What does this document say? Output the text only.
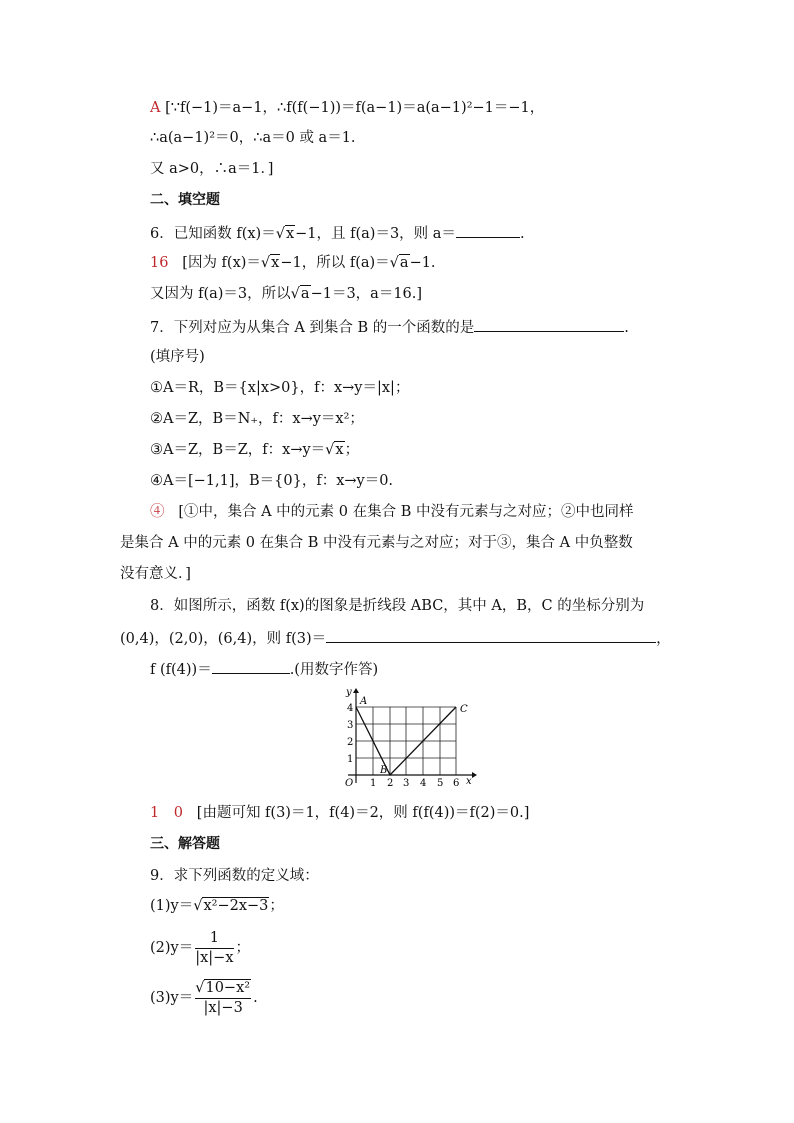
A [∵f(−1)＝a−1，∴f(f(−1))＝f(a−1)＝a(a−1)²−1＝−1，
∴a(a−1)²＝0，∴a＝0 或 a＝1.
又 a>0，∴a＝1．]
二、填空题
6．已知函数 f(x)＝√x−1，且 f(a)＝3，则 a＝	.
16 [因为 f(x)＝√x−1，所以 f(a)＝√a−1.
又因为 f(a)＝3，所以√a−1＝3，a＝16.]
7．下列对应为从集合 A 到集合 B 的一个函数的是	.
(填序号)
①A＝R，B＝{x|x>0}，f：x→y＝|x|；
②A＝Z，B＝N₊，f：x→y＝x²；
③A＝Z，B＝Z，f：x→y＝√x；
④A＝[−1,1]，B＝{0}，f：x→y＝0.
④ [①中，集合 A 中的元素 0 在集合 B 中没有元素与之对应；②中也同样
是集合 A 中的元素 0 在集合 B 中没有元素与之对应；对于③，集合 A 中负整数
没有意义．]
8．如图所示，函数 f(x)的图象是折线段 ABC，其中 A，B，C 的坐标分别为
(0,4)，(2,0)，(6,4)，则 f(3)＝	，
f (f(4))＝	.(用数字作答)
y
x
O 1 2 3 4 5 6
1
2
3
4
A
B
C
1　0 [由题可知 f(3)＝1，f(4)＝2，则 f(f(4))＝f(2)＝0.]
三、解答题
9．求下列函数的定义域：
(1)y＝√x²−2x−3；
$(2)y= \frac{1}{|x|-x}$ ；
$(3)y= \frac{\text{√10−x²}}{|x|-3}$ .
